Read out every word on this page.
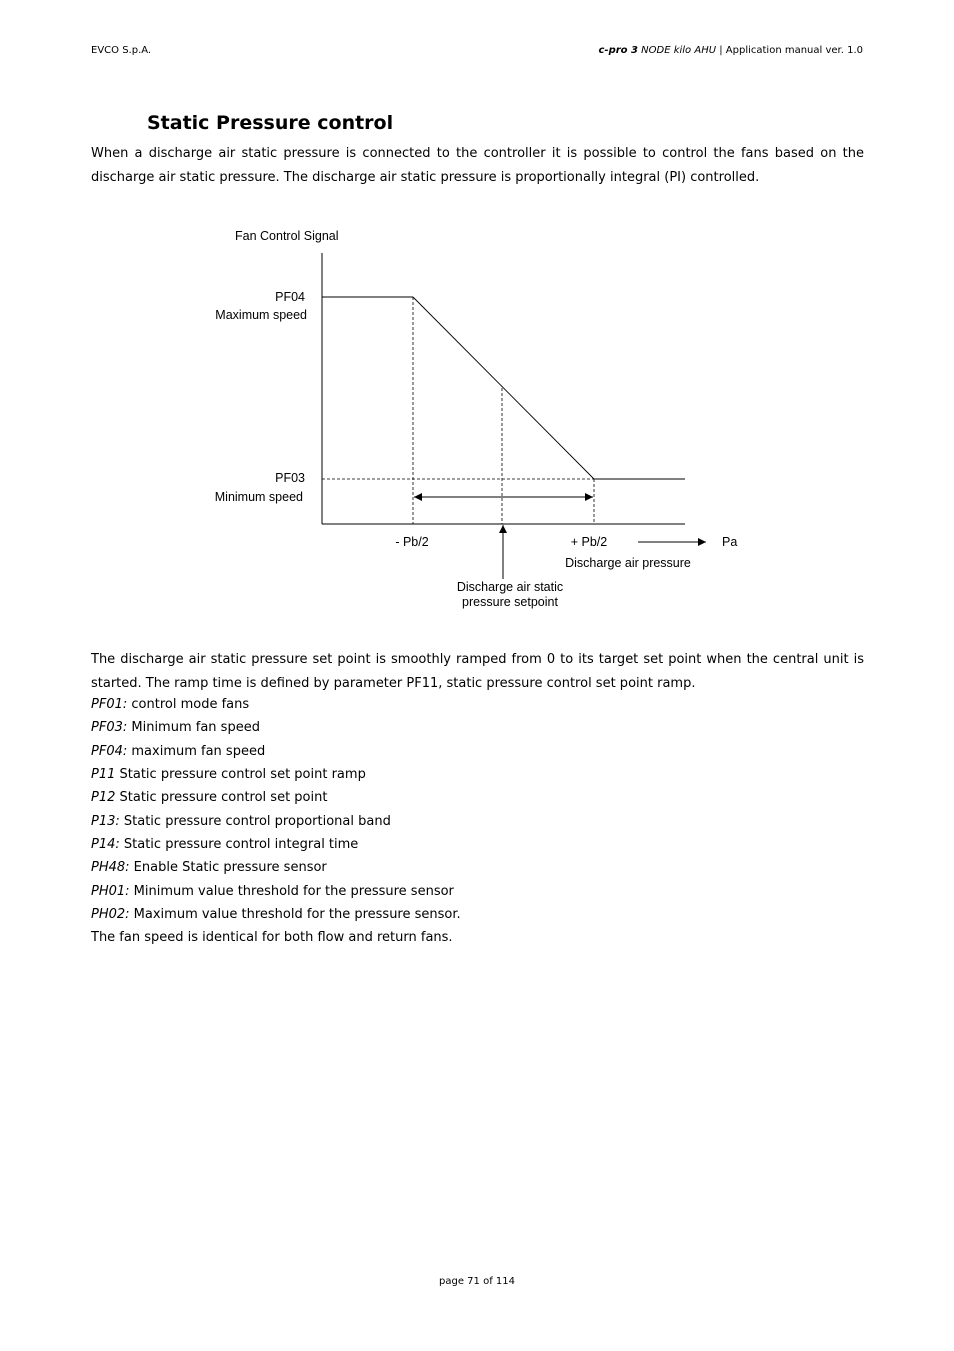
EVCO S.p.A.	c-pro 3 NODE kilo AHU | Application manual ver. 1.0
Static Pressure control

When a discharge air static pressure is connected to the controller it is possible to control the fans based on the discharge air static pressure. The discharge air static pressure is proportionally integral (PI) controlled.

Fan Control Signal
PF04
Maximum speed
PF03
Minimum speed
- Pb/2	+ Pb/2	Pa
Discharge air pressure
Discharge air static
pressure setpoint

The discharge air static pressure set point is smoothly ramped from 0 to its target set point when the central unit is started. The ramp time is defined by parameter PF11, static pressure control set point ramp.

PF01: control mode fans
PF03: Minimum fan speed
PF04: maximum fan speed
P11 Static pressure control set point ramp
P12 Static pressure control set point
P13: Static pressure control proportional band
P14: Static pressure control integral time
PH48: Enable Static pressure sensor
PH01: Minimum value threshold for the pressure sensor
PH02: Maximum value threshold for the pressure sensor.
The fan speed is identical for both flow and return fans.
page 71 of 114
